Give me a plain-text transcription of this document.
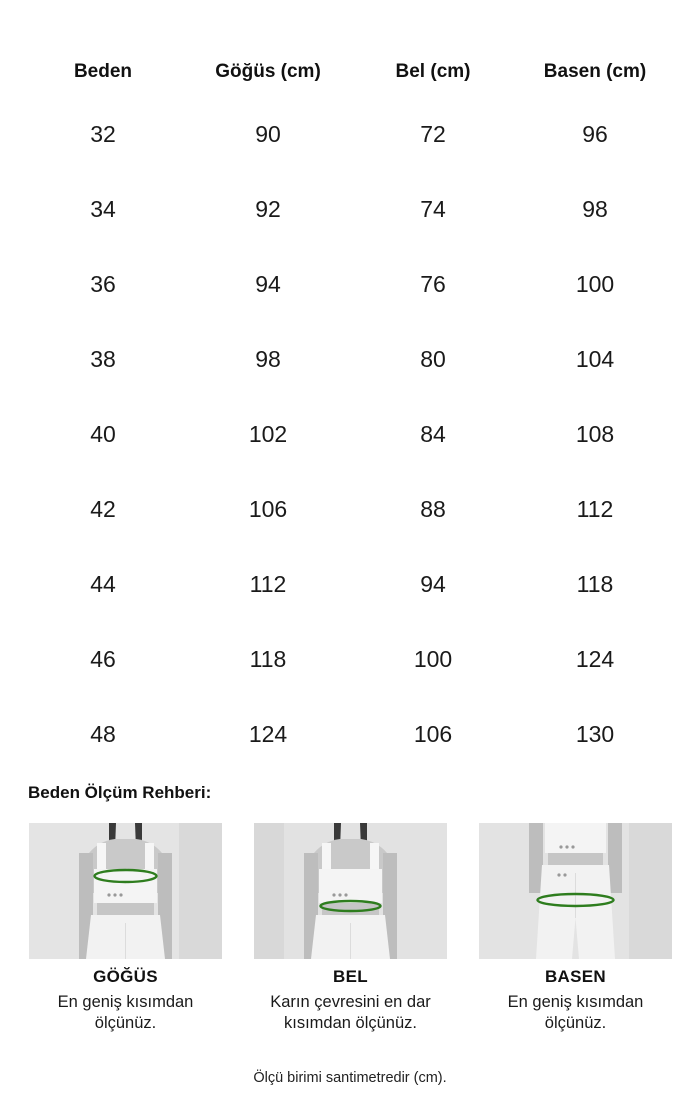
Beden	Göğüs (cm)	Bel (cm)	Basen (cm)
32	90	72	96
34	92	74	98
36	94	76	100
38	98	80	104
40	102	84	108
42	106	88	112
44	112	94	118
46	118	100	124
48	124	106	130
Beden Ölçüm Rehberi:
GÖĞÜS
En geniş kısımdan ölçünüz.
BEL
Karın çevresini en dar kısımdan ölçünüz.
BASEN
En geniş kısımdan ölçünüz.
Ölçü birimi santimetredir (cm).
